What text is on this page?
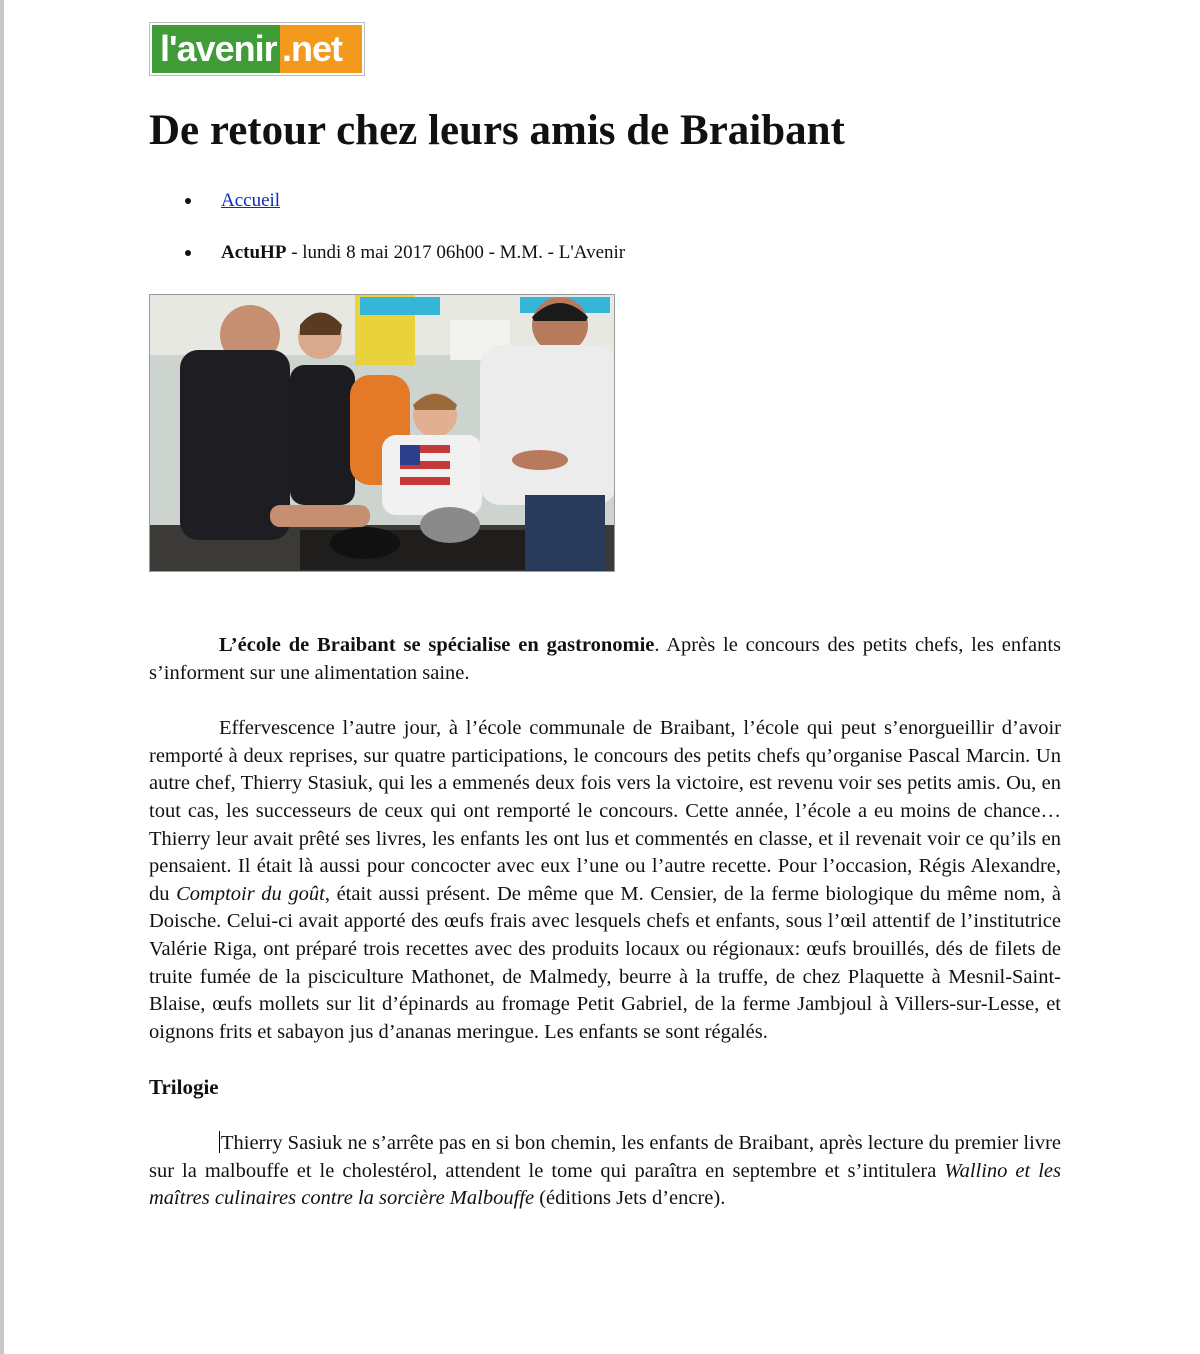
l'avenir .net
De retour chez leurs amis de Braibant
Accueil
ActuHP - lundi 8 mai 2017 06h00 - M.M. - L'Avenir

L’école de Braibant se spécialise en gastronomie. Après le concours des petits chefs, les enfants s’informent sur une alimentation saine.

Effervescence l’autre jour, à l’école communale de Braibant, l’école qui peut s’enorgueillir d’avoir remporté à deux reprises, sur quatre participations, le concours des petits chefs qu’organise Pascal Marcin. Un autre chef, Thierry Stasiuk, qui les a emmenés deux fois vers la victoire, est revenu voir ses petits amis. Ou, en tout cas, les successeurs de ceux qui ont remporté le concours. Cette année, l’école a eu moins de chance… Thierry leur avait prêté ses livres, les enfants les ont lus et commentés en classe, et il revenait voir ce qu’ils en pensaient. Il était là aussi pour concocter avec eux l’une ou l’autre recette. Pour l’occasion, Régis Alexandre, du Comptoir du goût, était aussi présent. De même que M. Censier, de la ferme biologique du même nom, à Doische. Celui-ci avait apporté des œufs frais avec lesquels chefs et enfants, sous l’œil attentif de l’institutrice Valérie Riga, ont préparé trois recettes avec des produits locaux ou régionaux: œufs brouillés, dés de filets de truite fumée de la pisciculture Mathonet, de Malmedy, beurre à la truffe, de chez Plaquette à Mesnil-Saint-Blaise, œufs mollets sur lit d’épinards au fromage Petit Gabriel, de la ferme Jambjoul à Villers-sur-Lesse, et oignons frits et sabayon jus d’ananas meringue. Les enfants se sont régalés.

Trilogie

Thierry Sasiuk ne s’arrête pas en si bon chemin, les enfants de Braibant, après lecture du premier livre sur la malbouffe et le cholestérol, attendent le tome qui paraîtra en septembre et s’intitulera Wallino et les maîtres culinaires contre la sorcière Malbouffe (éditions Jets d’encre).
